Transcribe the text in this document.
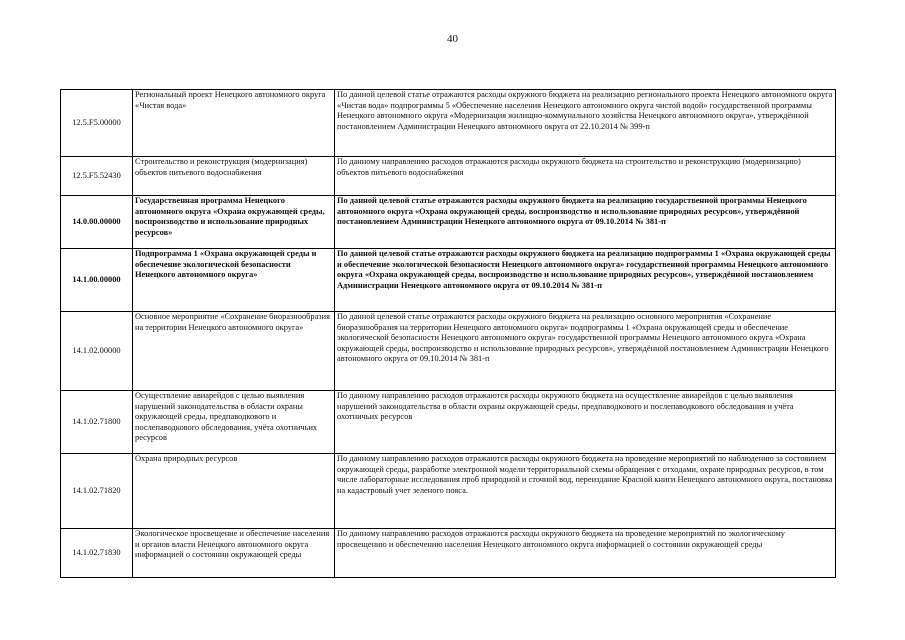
40
12.5.F5.00000	Региональный проект Ненецкого автономного округа «Чистая вода»	По данной целевой статье отражаются расходы окружного бюджета на реализацию регионального проекта Ненецкого автономного округа «Чистая вода» подпрограммы 5 «Обеспечение населения Ненецкого автономного округа чистой водой» государственной программы Ненецкого автономного округа «Модернизация жилищно-коммунального хозяйства Ненецкого автономного округа», утверждённой постановлением Администрации Ненецкого автономного округа от 22.10.2014 № 399-п
12.5.F5.52430	Строительство и реконструкция (модернизация) объектов питьевого водоснабжения	По данному направлению расходов отражаются расходы окружного бюджета на строительство и реконструкцию (модернизацию) объектов питьевого водоснабжения
14.0.00.00000	Государственная программа Ненецкого автономного округа «Охрана окружающей среды, воспроизводство и использование природных ресурсов»	По данной целевой статье отражаются расходы окружного бюджета на реализацию государственной программы Ненецкого автономного округа «Охрана окружающей среды, воспроизводство и использование природных ресурсов», утверждённой постановлением Администрации Ненецкого автономного округа от 09.10.2014 № 381-п
14.1.00.00000	Подпрограмма 1 «Охрана окружающей среды и обеспечение экологической безопасности Ненецкого автономного округа»	По данной целевой статье отражаются расходы окружного бюджета на реализацию подпрограммы 1 «Охрана окружающей среды и обеспечение экологической безопасности Ненецкого автономного округа» государственной программы Ненецкого автономного округа «Охрана окружающей среды, воспроизводство и использование природных ресурсов», утверждённой постановлением Администрации Ненецкого автономного округа от 09.10.2014 № 381-п
14.1.02.00000	Основное мероприятие «Сохранение биоразнообразия на территории Ненецкого автономного округа»	По данной целевой статье отражаются расходы окружного бюджета на реализацию основного мероприятия «Сохранение биоразнообразия на территории Ненецкого автономного округа» подпрограммы 1 «Охрана окружающей среды и обеспечение экологической безопасности Ненецкого автономного округа» государственной программы Ненецкого автономного округа «Охрана окружающей среды, воспроизводство и использование природных ресурсов», утверждённой постановлением Администрации Ненецкого автономного округа от 09.10.2014 № 381-п
14.1.02.71800	Осуществление авиарейдов с целью выявления нарушений законодательства в области охраны окружающей среды, предпаводкового и послепаводкового обследования, учёта охотничьих ресурсов	По данному направлению расходов отражаются расходы окружного бюджета на осуществление авиарейдов с целью выявления нарушений законодательства в области охраны окружающей среды, предпаводкового и послепаводкового обследования и учёта охотничьих ресурсов
14.1.02.71820	Охрана природных ресурсов	По данному направлению расходов отражаются расходы окружного бюджета на проведение мероприятий по наблюдению за состоянием окружающей среды, разработке электронной модели территориальной схемы обращения с отходами, охране природных ресурсов, в том числе лабораторные исследования проб природной и сточной вод, переиздание Красной книги Ненецкого автономного округа, постановка на кадастровый учет зеленого пояса.
14.1.02.71830	Экологическое просвещение и обеспечение населения и органов власти Ненецкого автономного округа информацией о состоянии окружающей среды	По данному направлению расходов отражаются расходы окружного бюджета на проведение мероприятий по экологическому просвещению и обеспечению населения Ненецкого автономного округа информацией о состоянии окружающей среды
